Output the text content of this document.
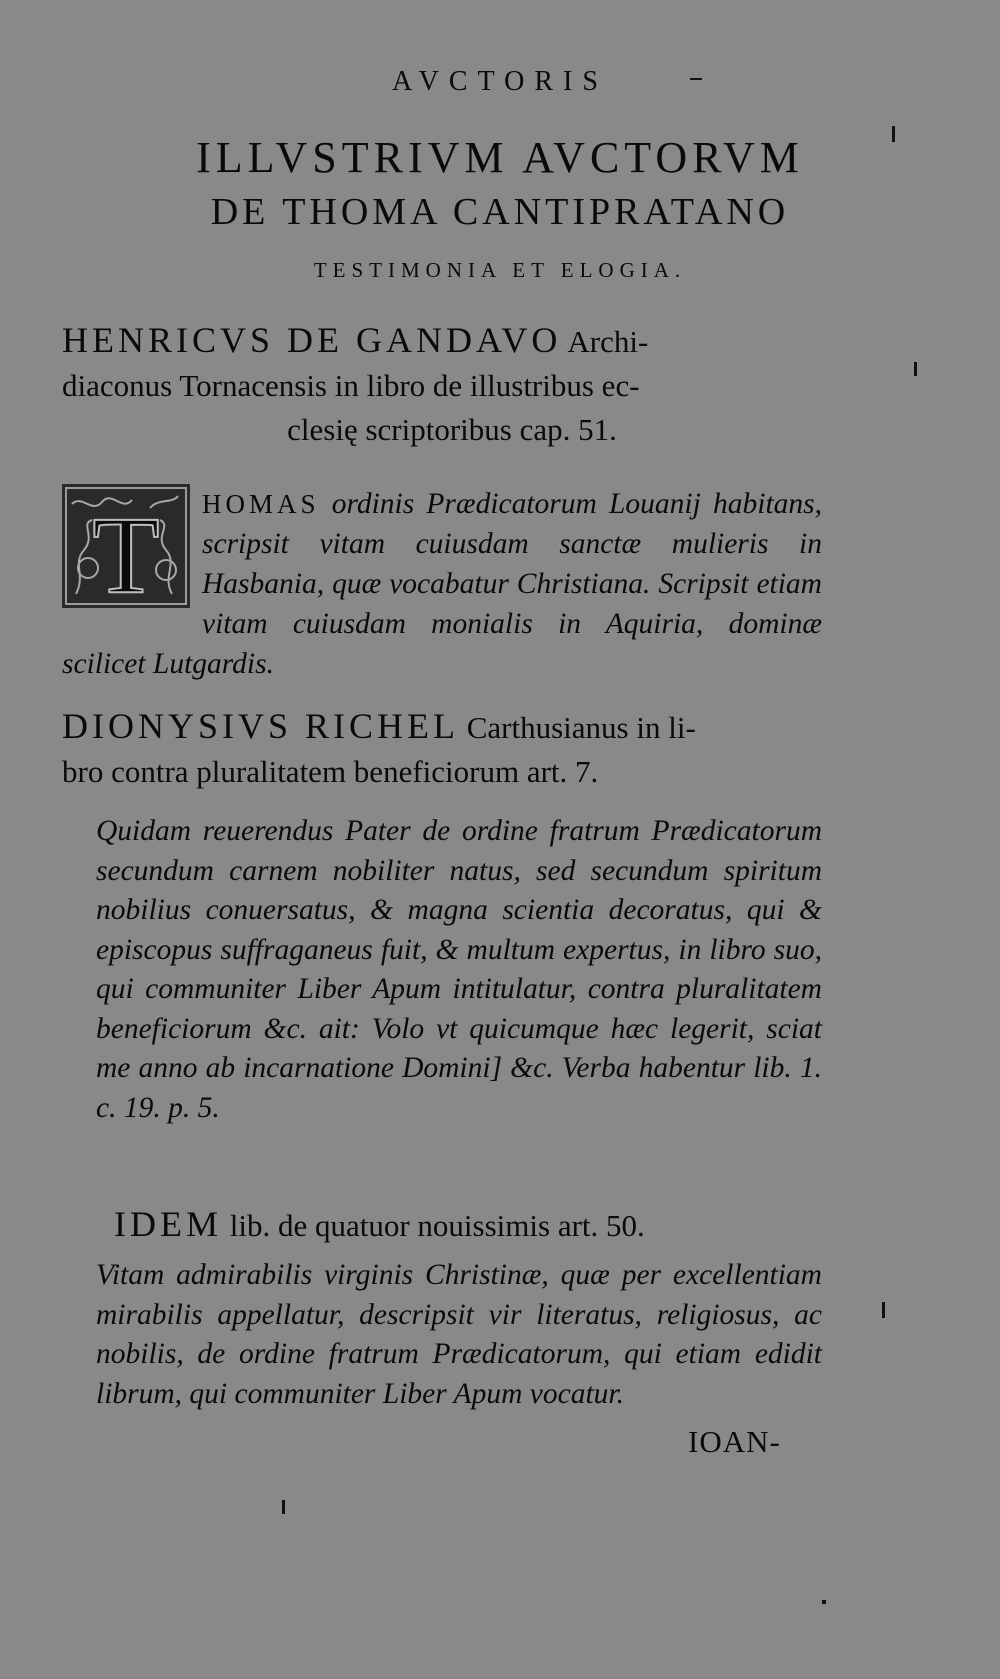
AVCTORIS
ILLVSTRIVM AVCTORVM
DE THOMA CANTIPRATANO
TESTIMONIA ET ELOGIA.
HENRICVS DE GANDAVO Archi-
diaconus Tornacensis in libro de illustribus ec-
clesię scriptoribus cap. 51.
T	HOMAS ordinis Prædicatorum Louanij habitans, scripsit vitam cuiusdam sanctæ mulieris in Hasbania, quæ vocabatur Christiana. Scripsit etiam vitam cuiusdam monialis in Aquiria, dominæ scilicet Lutgardis.
DIONYSIVS RICHEL Carthusianus in li-
bro contra pluralitatem beneficiorum art. 7.
Quidam reuerendus Pater de ordine fratrum Prædicatorum secundum carnem nobiliter natus, sed secundum spiritum nobilius conuersatus, & magna scientia decoratus, qui & episcopus suffraganeus fuit, & multum expertus, in libro suo, qui communiter Liber Apum intitulatur, contra pluralitatem beneficiorum &c. ait: Volo vt quicumque hæc legerit, sciat me anno ab incarnatione Domini] &c. Verba habentur lib. 1. c. 19. p. 5.
IDEM lib. de quatuor nouissimis art. 50.
Vitam admirabilis virginis Christinæ, quæ per excellentiam mirabilis appellatur, descripsit vir literatus, religiosus, ac nobilis, de ordine fratrum Prædicatorum, qui etiam edidit librum, qui communiter Liber Apum vocatur.
IOAN-
